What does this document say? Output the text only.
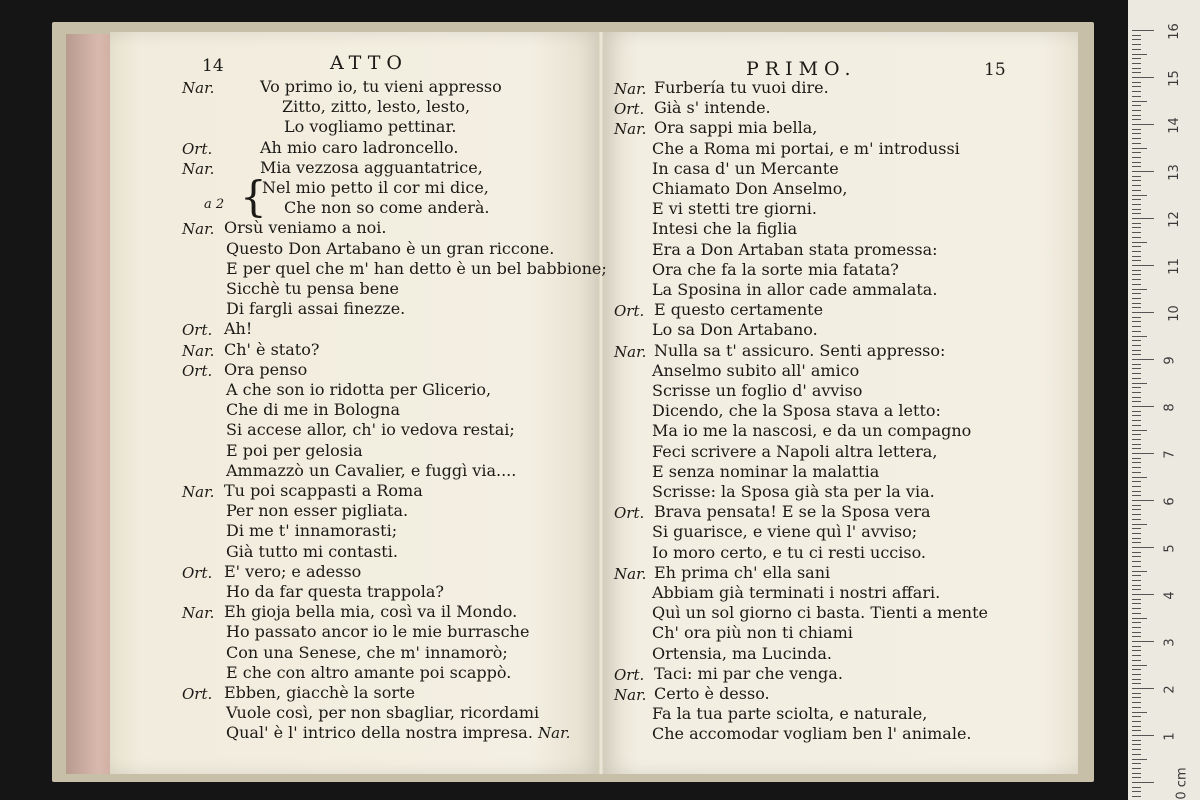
14	ATTO	PRIMO.	15
Nar.	Vo primo io, tu vieni appresso
Zitto, zitto, lesto, lesto,
Lo vogliamo pettinar.
Ort.	Ah mio caro ladroncello.
Nar.	Mia vezzosa agguantatrice,
a 2
Nel mio petto il cor mi dice,
Che non so come anderà.
Nar. Orsù veniamo a noi.
Questo Don Artabano è un gran riccone.
E per quel che m' han detto è un bel babbione;
Sicchè tu pensa bene
Di fargli assai finezze.
Ort. Ah!
Nar. Ch' è stato?
Ort. Ora penso
A che son io ridotta per Glicerio,
Che di me in Bologna
Si accese allor, ch' io vedova restai;
E poi per gelosia
Ammazzò un Cavalier, e fuggì via....
Nar. Tu poi scappasti a Roma
Per non esser pigliata.
Di me t' innamorasti;
Già tutto mi contasti.
Ort. E' vero; e adesso
Ho da far questa trappola?
Nar. Eh gioja bella mia, così va il Mondo.
Ho passato ancor io le mie burrasche
Con una Senese, che m' innamorò;
E che con altro amante poi scappò.
Ort. Ebben, giacchè la sorte
Vuole così, per non sbagliar, ricordami
Qual' è l' intrico della nostra impresa.
Nar. Furbería tu vuoi dire.
Ort. Già s' intende.
Nar. Ora sappi mia bella,
Che a Roma mi portai, e m' introdussi
In casa d' un Mercante
Chiamato Don Anselmo,
E vi stetti tre giorni.
Intesi che la figlia
Era a Don Artaban stata promessa:
Ora che fa la sorte mia fatata?
La Sposina in allor cade ammalata.
Ort. E questo certamente
Lo sa Don Artabano.
Nar. Nulla sa t' assicuro. Senti appresso:
Anselmo subito all' amico
Scrisse un foglio d' avviso
Dicendo, che la Sposa stava a letto:
Ma io me la nascosi, e da un compagno
Feci scrivere a Napoli altra lettera,
E senza nominar la malattia
Scrisse: la Sposa già sta per la via.
Ort. Brava pensata! E se la Sposa vera
Si guarisce, e viene quì l' avviso;
Io moro certo, e tu ci resti ucciso.
Nar. Eh prima ch' ella sani
Abbiam già terminati i nostri affari.
Quì un sol giorno ci basta. Tienti a mente
Ch' ora più non ti chiami
Ortensia, ma Lucinda.
Ort. Taci: mi par che venga.
Nar. Certo è desso.
Fa la tua parte sciolta, e naturale,
Che accomodar vogliam ben l' animale.
{
Nar.
16
15
14
13
12
11
10
9
8
7
6
5
4
3
2
1
0 cm
